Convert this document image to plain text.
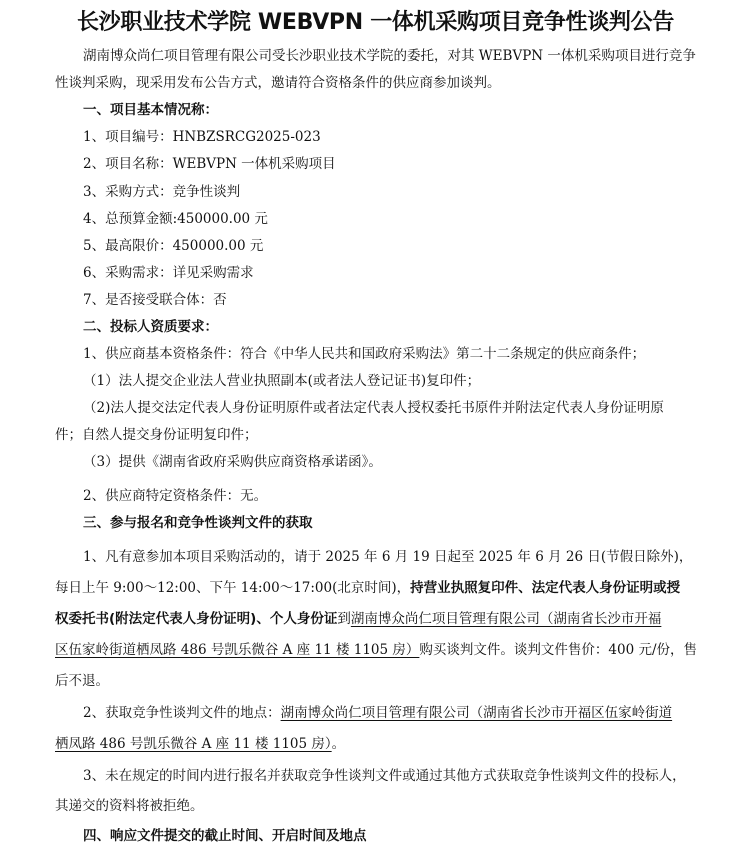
长沙职业技术学院 WEBVPN 一体机采购项目竞争性谈判公告

湖南博众尚仁项目管理有限公司受长沙职业技术学院的委托，对其 WEBVPN 一体机采购项目进行竞争

性谈判采购，现采用发布公告方式，邀请符合资格条件的供应商参加谈判。

一、项目基本情况称：

1、项目编号：HNBZSRCG2025-023

2、项目名称：WEBVPN 一体机采购项目

3、采购方式：竞争性谈判

4、总预算金额:450000.00 元

5、最高限价：450000.00 元

6、采购需求：详见采购需求

7、是否接受联合体：否

二、投标人资质要求：

1、供应商基本资格条件：符合《中华人民共和国政府采购法》第二十二条规定的供应商条件；

（1）法人提交企业法人营业执照副本(或者法人登记证书)复印件；

（2)法人提交法定代表人身份证明原件或者法定代表人授权委托书原件并附法定代表人身份证明原

件；自然人提交身份证明复印件；

（3）提供《湖南省政府采购供应商资格承诺函》。

2、供应商特定资格条件：无。

三、参与报名和竞争性谈判文件的获取

1、凡有意参加本项目采购活动的，请于 2025 年 6 月 19 日起至 2025 年 6 月 26 日(节假日除外)，

每日上午 9:00～12:00、下午 14:00～17:00(北京时间)，持营业执照复印件、法定代表人身份证明或授

权委托书(附法定代表人身份证明)、个人身份证到湖南博众尚仁项目管理有限公司（湖南省长沙市开福

区伍家岭街道栖凤路 486 号凯乐微谷 A 座 11 楼 1105 房）购买谈判文件。谈判文件售价：400 元/份，售

后不退。

2、获取竞争性谈判文件的地点：湖南博众尚仁项目管理有限公司（湖南省长沙市开福区伍家岭街道

栖凤路 486 号凯乐微谷 A 座 11 楼 1105 房）。

3、未在规定的时间内进行报名并获取竞争性谈判文件或通过其他方式获取竞争性谈判文件的投标人，

其递交的资料将被拒绝。

四、响应文件提交的截止时间、开启时间及地点
